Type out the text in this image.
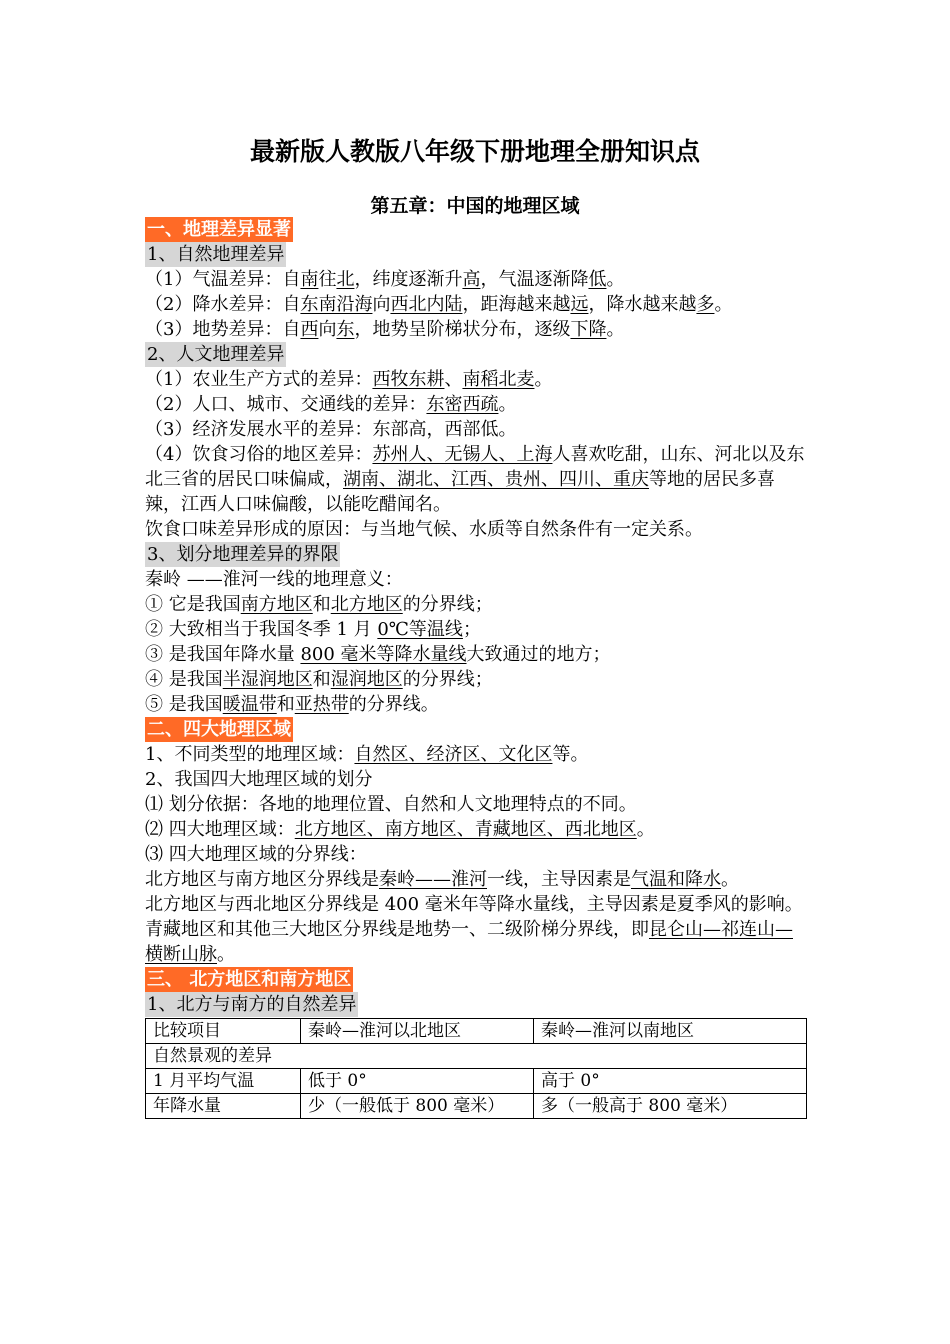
最新版人教版八年级下册地理全册知识点
第五章：中国的地理区域
一、地理差异显著
1、自然地理差异
（1）气温差异：自南往北，纬度逐渐升高，气温逐渐降低。
（2）降水差异：自东南沿海向西北内陆，距海越来越远，降水越来越多。
（3）地势差异：自西向东，地势呈阶梯状分布，逐级下降。
2、人文地理差异
（1）农业生产方式的差异：西牧东耕、南稻北麦。
（2）人口、城市、交通线的差异：东密西疏。
（3）经济发展水平的差异：东部高，西部低。
（4）饮食习俗的地区差异：苏州人、无锡人、上海人喜欢吃甜，山东、河北以及东北三省的居民口味偏咸，湖南、湖北、江西、贵州、四川、重庆等地的居民多喜辣，江西人口味偏酸，以能吃醋闻名。
饮食口味差异形成的原因：与当地气候、水质等自然条件有一定关系。
3、划分地理差异的界限
秦岭 ——淮河一线的地理意义：
① 它是我国南方地区和北方地区的分界线；
② 大致相当于我国冬季 1 月 0℃等温线；
③ 是我国年降水量 800 毫米等降水量线大致通过的地方；
④ 是我国半湿润地区和湿润地区的分界线；
⑤ 是我国暖温带和亚热带的分界线。
二、四大地理区域
1、不同类型的地理区域：自然区、经济区、文化区等。
2、我国四大地理区域的划分
⑴ 划分依据：各地的地理位置、自然和人文地理特点的不同。
⑵ 四大地理区域：北方地区、南方地区、青藏地区、西北地区。
⑶ 四大地理区域的分界线：
北方地区与南方地区分界线是秦岭——淮河一线，主导因素是气温和降水。
北方地区与西北地区分界线是 400 毫米年等降水量线，主导因素是夏季风的影响。
青藏地区和其他三大地区分界线是地势一、二级阶梯分界线，即昆仑山—祁连山—横断山脉。
三、 北方地区和南方地区
1、北方与南方的自然差异
比较项目	秦岭—淮河以北地区	秦岭—淮河以南地区
自然景观的差异		
1 月平均气温	低于 0°	高于 0°
年降水量	少（一般低于 800 毫米）	多（一般高于 800 毫米）
